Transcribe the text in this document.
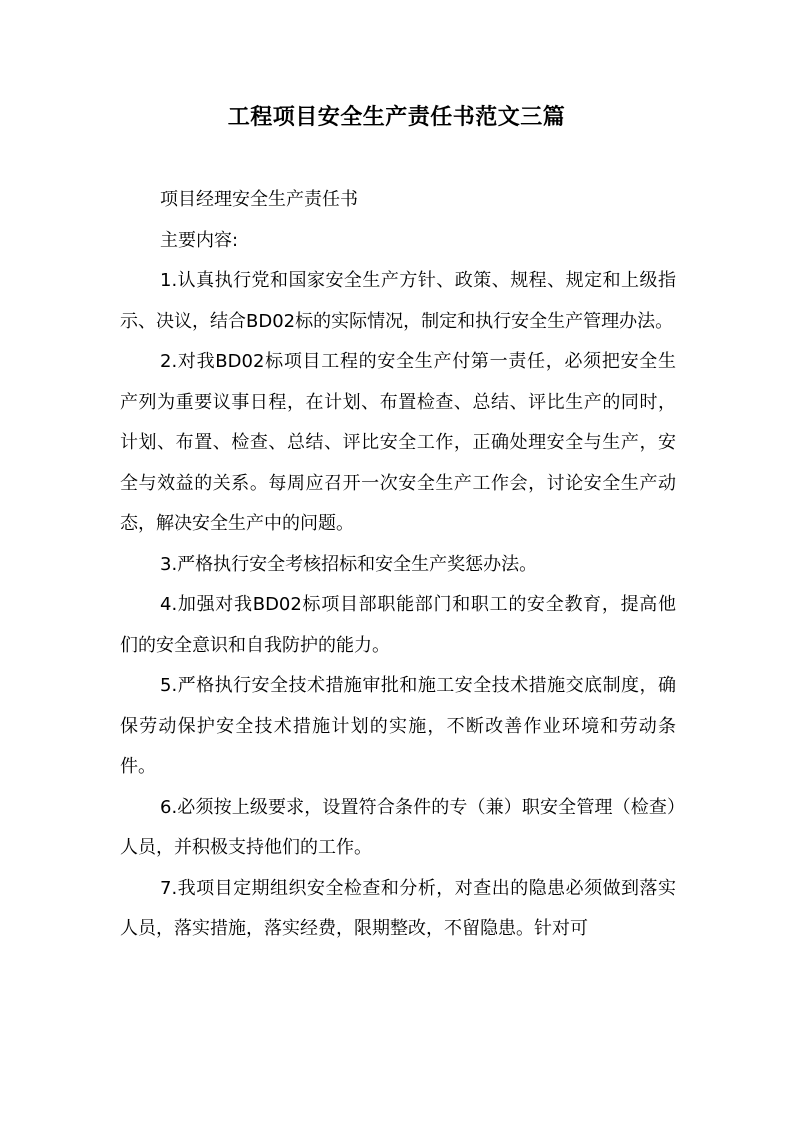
工程项目安全生产责任书范文三篇

项目经理安全生产责任书

主要内容:

1.认真执行党和国家安全生产方针、政策、规程、规定和上级指示、决议，结合BD02标的实际情况，制定和执行安全生产管理办法。

2.对我BD02标项目工程的安全生产付第一责任，必须把安全生产列为重要议事日程，在计划、布置检查、总结、评比生产的同时，计划、布置、检查、总结、评比安全工作，正确处理安全与生产，安全与效益的关系。每周应召开一次安全生产工作会，讨论安全生产动态，解决安全生产中的问题。

3.严格执行安全考核招标和安全生产奖惩办法。

4.加强对我BD02标项目部职能部门和职工的安全教育，提高他们的安全意识和自我防护的能力。

5.严格执行安全技术措施审批和施工安全技术措施交底制度，确保劳动保护安全技术措施计划的实施，不断改善作业环境和劳动条件。

6.必须按上级要求，设置符合条件的专（兼）职安全管理（检查）人员，并积极支持他们的工作。

7.我项目定期组织安全检查和分析，对查出的隐患必须做到落实人员，落实措施，落实经费，限期整改，不留隐患。针对可
